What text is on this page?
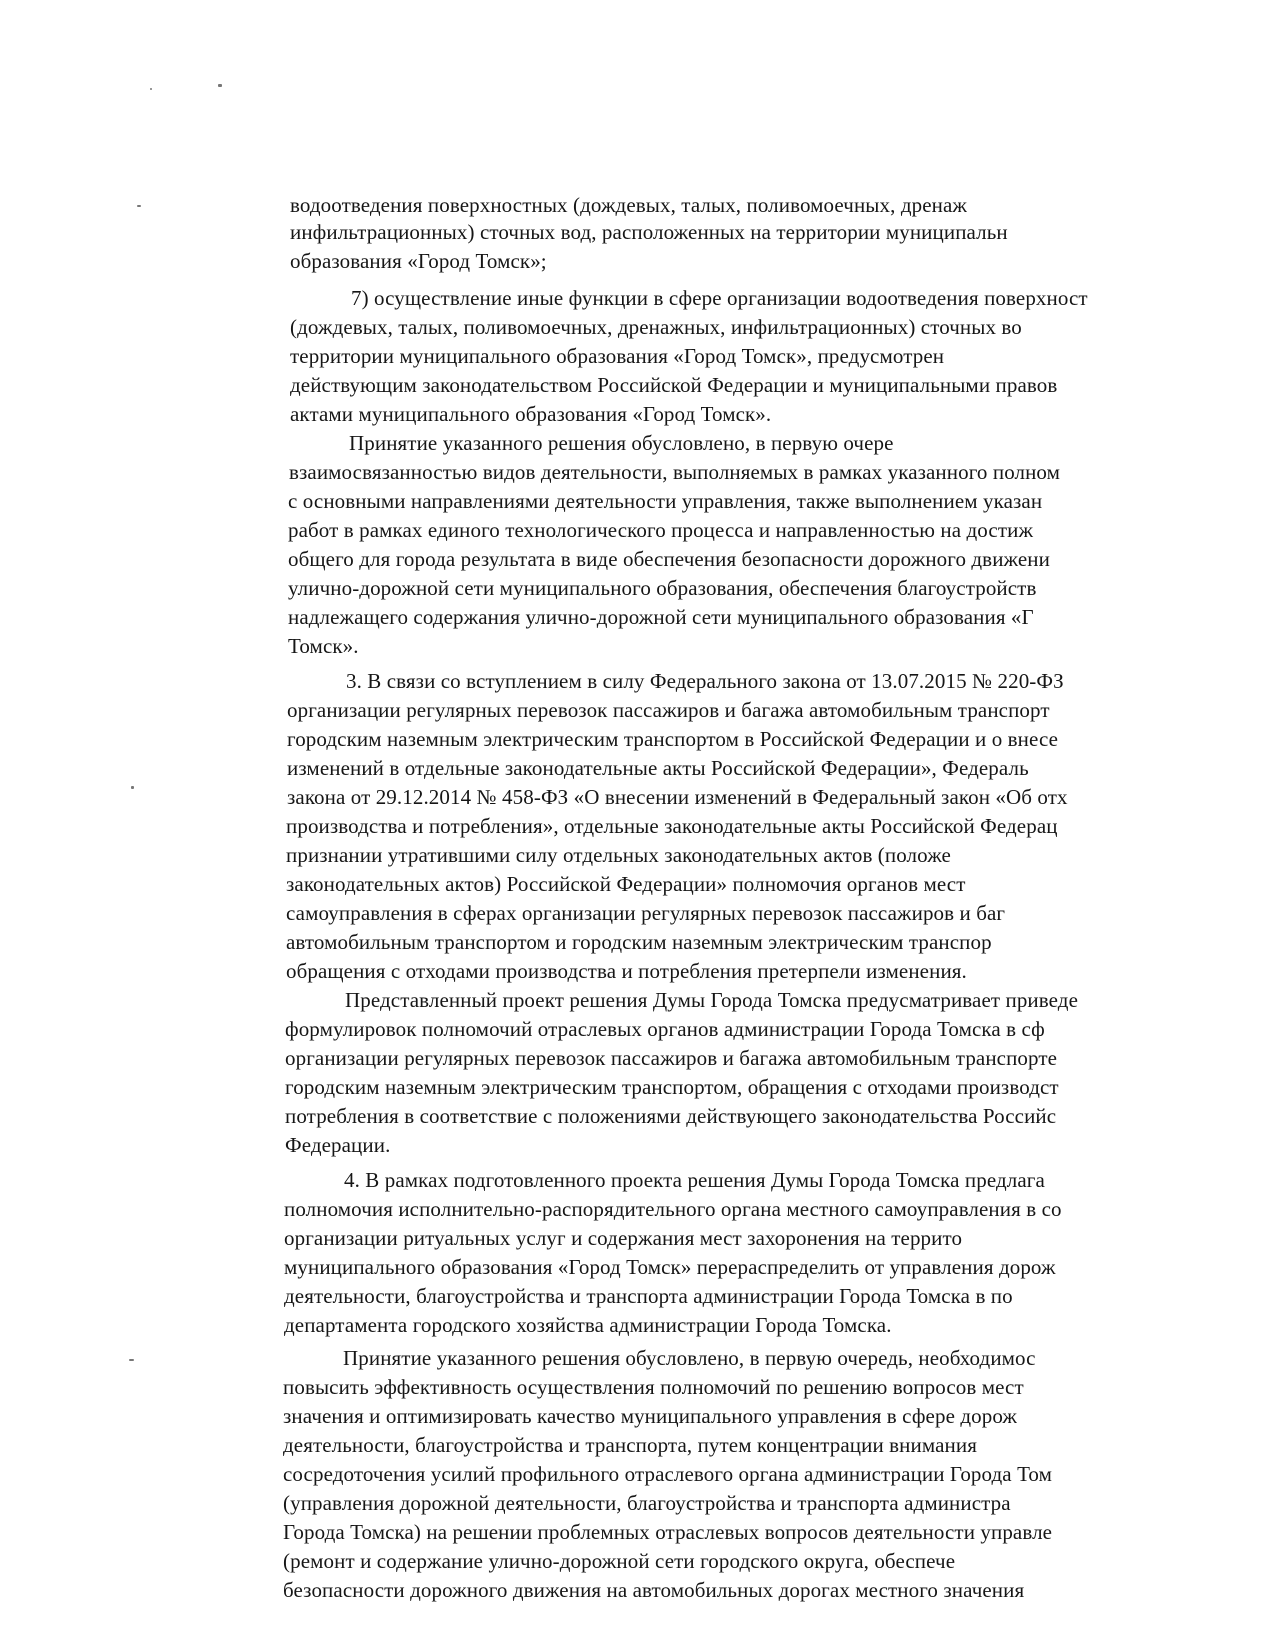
водоотведения поверхностных (дождевых, талых, поливомоечных, дренаж
инфильтрационных) сточных вод, расположенных на территории муниципальн
образования «Город Томск»;
7) осуществление иные функции в сфере организации водоотведения поверхност
(дождевых, талых, поливомоечных, дренажных, инфильтрационных) сточных во
территории муниципального образования «Город Томск», предусмотрен
действующим законодательством Российской Федерации и муниципальными правов
актами муниципального образования «Город Томск».
Принятие указанного решения обусловлено, в первую очере
взаимосвязанностью видов деятельности, выполняемых в рамках указанного полном
с основными направлениями деятельности управления, также выполнением указан
работ в рамках единого технологического процесса и направленностью на достиж
общего для города результата в виде обеспечения безопасности дорожного движени
улично-дорожной сети муниципального образования, обеспечения благоустройств
надлежащего содержания улично-дорожной сети муниципального образования «Г
Томск».
3. В связи со вступлением в силу Федерального закона от 13.07.2015 № 220-ФЗ
организации регулярных перевозок пассажиров и багажа автомобильным транспорт
городским наземным электрическим транспортом в Российской Федерации и о внесе
изменений в отдельные законодательные акты Российской Федерации», Федераль
закона от 29.12.2014 № 458-ФЗ «О внесении изменений в Федеральный закон «Об отх
производства и потребления», отдельные законодательные акты Российской Федерац
признании утратившими силу отдельных законодательных актов (положе
законодательных актов) Российской Федерации» полномочия органов мест
самоуправления в сферах организации регулярных перевозок пассажиров и баг
автомобильным транспортом и городским наземным электрическим транспор
обращения с отходами производства и потребления претерпели изменения.
Представленный проект решения Думы Города Томска предусматривает приведе
формулировок полномочий отраслевых органов администрации Города Томска в сф
организации регулярных перевозок пассажиров и багажа автомобильным транспорте
городским наземным электрическим транспортом, обращения с отходами производст
потребления в соответствие с положениями действующего законодательства Российс
Федерации.
4. В рамках подготовленного проекта решения Думы Города Томска предлага
полномочия исполнительно-распорядительного органа местного самоуправления в со
организации ритуальных услуг и содержания мест захоронения на террито
муниципального образования «Город Томск» перераспределить от управления дорож
деятельности, благоустройства и транспорта администрации Города Томска в по
департамента городского хозяйства администрации Города Томска.
Принятие указанного решения обусловлено, в первую очередь, необходимос
повысить эффективность осуществления полномочий по решению вопросов мест
значения и оптимизировать качество муниципального управления в сфере дорож
деятельности, благоустройства и транспорта, путем концентрации внимания
сосредоточения усилий профильного отраслевого органа администрации Города Том
(управления дорожной деятельности, благоустройства и транспорта администра
Города Томска) на решении проблемных отраслевых вопросов деятельности управле
(ремонт и содержание улично-дорожной сети городского округа, обеспече
безопасности дорожного движения на автомобильных дорогах местного значения
